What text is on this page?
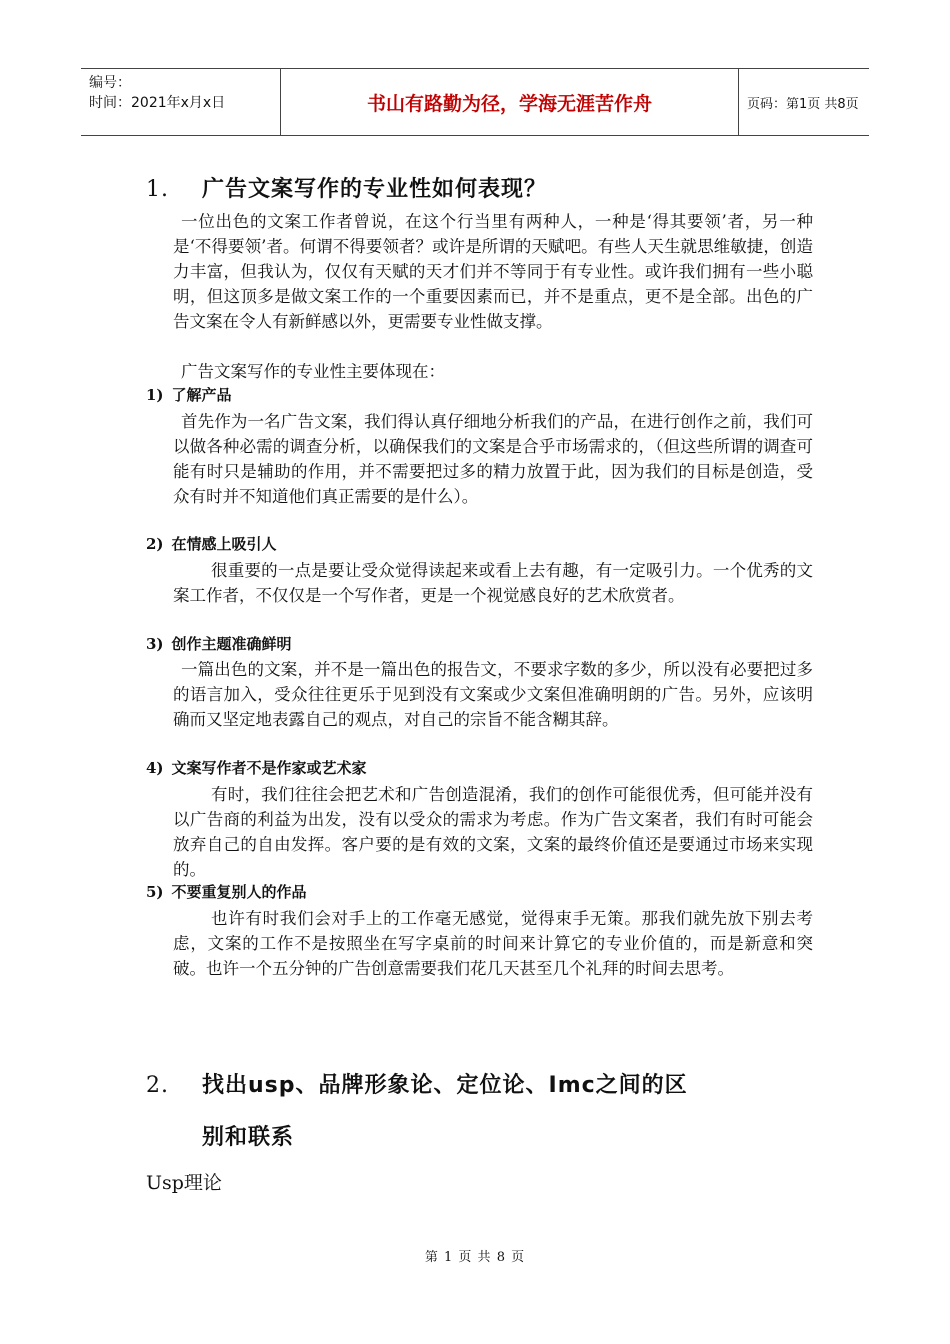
编号：
时间：2021年x月x日	书山有路勤为径，学海无涯苦作舟	页码：第1页 共8页
1. 广告文案写作的专业性如何表现？

一位出色的文案工作者曾说，在这个行当里有两种人，一种是‘得其要领’者，另一种是‘不得要领’者。何谓不得要领者？或许是所谓的天赋吧。有些人天生就思维敏捷，创造力丰富，但我认为，仅仅有天赋的天才们并不等同于有专业性。或许我们拥有一些小聪明，但这顶多是做文案工作的一个重要因素而已，并不是重点，更不是全部。出色的广告文案在令人有新鲜感以外，更需要专业性做支撑。

广告文案写作的专业性主要体现在：

1) 了解产品

首先作为一名广告文案，我们得认真仔细地分析我们的产品，在进行创作之前，我们可以做各种必需的调查分析，以确保我们的文案是合乎市场需求的，（但这些所谓的调查可能有时只是辅助的作用，并不需要把过多的精力放置于此，因为我们的目标是创造，受众有时并不知道他们真正需要的是什么）。

2) 在情感上吸引人

很重要的一点是要让受众觉得读起来或看上去有趣，有一定吸引力。一个优秀的文案工作者，不仅仅是一个写作者，更是一个视觉感良好的艺术欣赏者。

3) 创作主题准确鲜明

一篇出色的文案，并不是一篇出色的报告文，不要求字数的多少，所以没有必要把过多的语言加入，受众往往更乐于见到没有文案或少文案但准确明朗的广告。另外，应该明确而又坚定地表露自己的观点，对自己的宗旨不能含糊其辞。

4) 文案写作者不是作家或艺术家

有时，我们往往会把艺术和广告创造混淆，我们的创作可能很优秀，但可能并没有以广告商的利益为出发，没有以受众的需求为考虑。作为广告文案者，我们有时可能会放弃自己的自由发挥。客户要的是有效的文案，文案的最终价值还是要通过市场来实现的。

5) 不要重复别人的作品

也许有时我们会对手上的工作毫无感觉，觉得束手无策。那我们就先放下别去考虑，文案的工作不是按照坐在写字桌前的时间来计算它的专业价值的，而是新意和突破。也许一个五分钟的广告创意需要我们花几天甚至几个礼拜的时间去思考。

2. 找出usp、品牌形象论、定位论、Imc之间的区
别和联系
Usp理论
第 1 页 共 8 页
